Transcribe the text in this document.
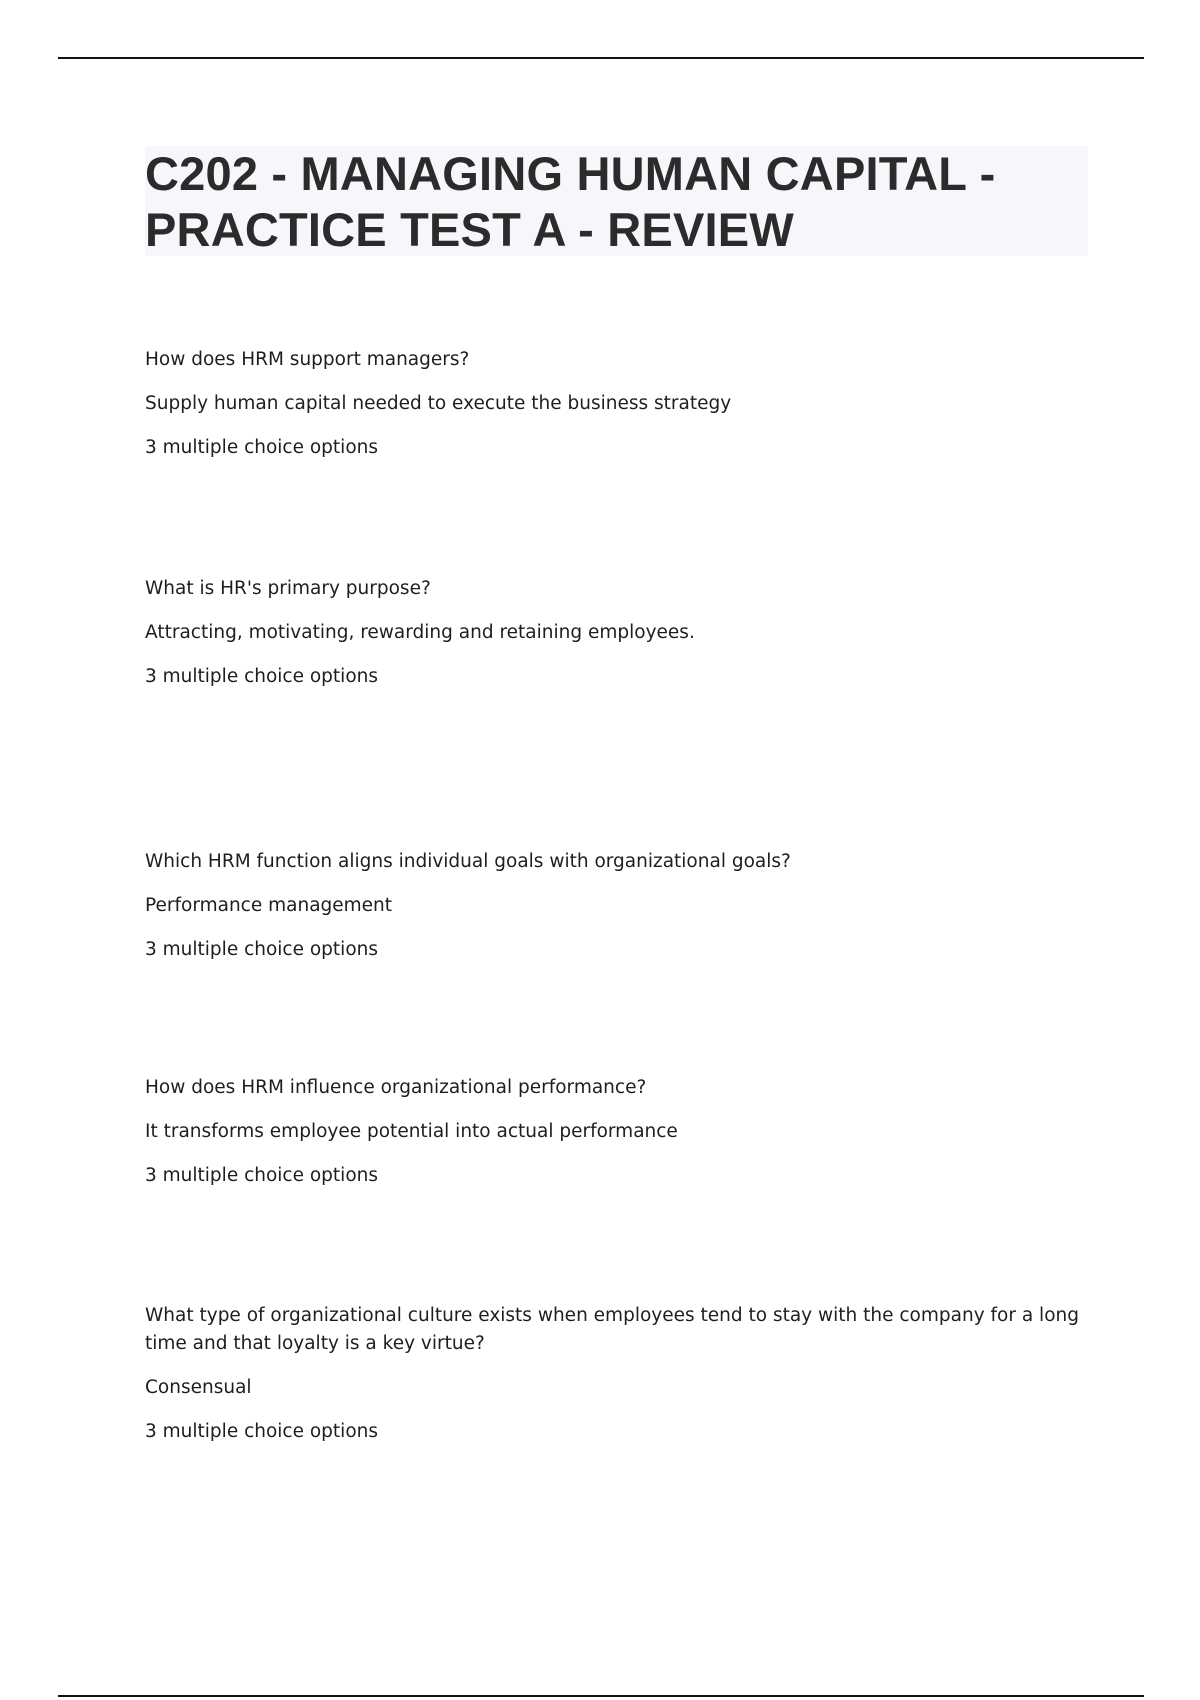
C202 - MANAGING HUMAN CAPITAL - PRACTICE TEST A - REVIEW

How does HRM support managers?

Supply human capital needed to execute the business strategy

3 multiple choice options

What is HR's primary purpose?

Attracting, motivating, rewarding and retaining employees.

3 multiple choice options

Which HRM function aligns individual goals with organizational goals?

Performance management

3 multiple choice options

How does HRM influence organizational performance?

It transforms employee potential into actual performance

3 multiple choice options

What type of organizational culture exists when employees tend to stay with the company for a long time and that loyalty is a key virtue?

Consensual

3 multiple choice options
